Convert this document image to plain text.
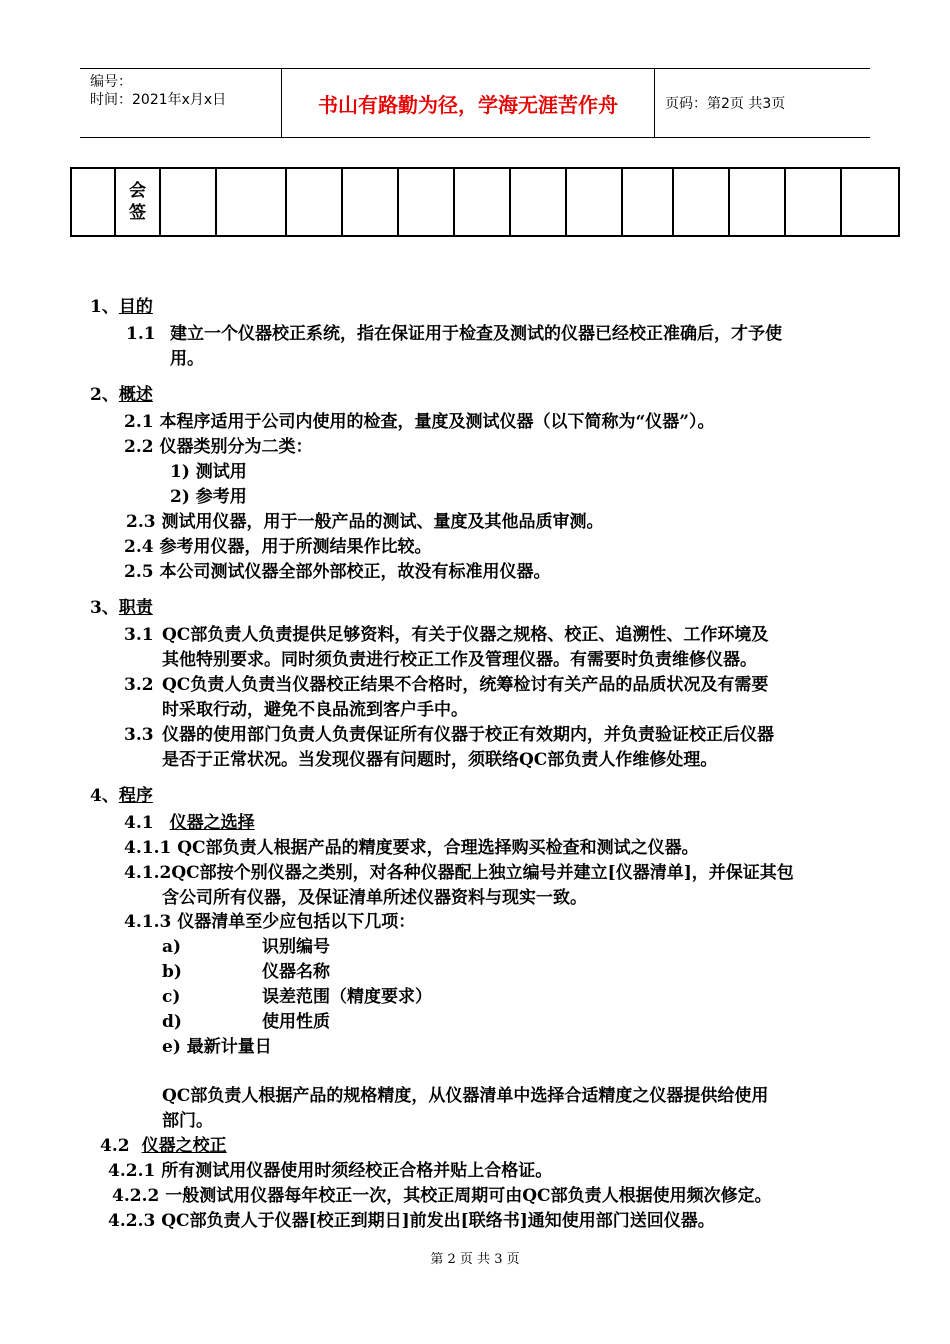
编号：
时间：2021年x月x日	书山有路勤为径，学海无涯苦作舟	页码：第2页 共3页

会
签

1、目的
1.1 建立一个仪器校正系统，指在保证用于检查及测试的仪器已经校正准确后，才予使
用。
2、概述
2.1 本程序适用于公司内使用的检查，量度及测试仪器（以下简称为“仪器”）。
2.2 仪器类别分为二类：
1) 测试用
2) 参考用
2.3 测试用仪器，用于一般产品的测试、量度及其他品质审测。
2.4 参考用仪器，用于所测结果作比较。
2.5 本公司测试仪器全部外部校正，故没有标准用仪器。
3、职责
3.1 QC部负责人负责提供足够资料，有关于仪器之规格、校正、追溯性、工作环境及
其他特别要求。同时须负责进行校正工作及管理仪器。有需要时负责维修仪器。
3.2 QC负责人负责当仪器校正结果不合格时，统筹检讨有关产品的品质状况及有需要
时采取行动，避免不良品流到客户手中。
3.3 仪器的使用部门负责人负责保证所有仪器于校正有效期内，并负责验证校正后仪器
是否于正常状况。当发现仪器有问题时，须联络QC部负责人作维修处理。
4、程序
4.1 仪器之选择
4.1.1 QC部负责人根据产品的精度要求，合理选择购买检查和测试之仪器。
4.1.2QC部按个别仪器之类别，对各种仪器配上独立编号并建立[仪器清单]，并保证其包
含公司所有仪器，及保证清单所述仪器资料与现实一致。
4.1.3 仪器清单至少应包括以下几项：
a)	识别编号
b)	仪器名称
c)	误差范围（精度要求）
d)	使用性质
e) 最新计量日
QC部负责人根据产品的规格精度，从仪器清单中选择合适精度之仪器提供给使用
部门。
4.2 仪器之校正
4.2.1 所有测试用仪器使用时须经校正合格并贴上合格证。
4.2.2 一般测试用仪器每年校正一次，其校正周期可由QC部负责人根据使用频次修定。
4.2.3 QC部负责人于仪器[校正到期日]前发出[联络书]通知使用部门送回仪器。
第 2 页 共 3 页
